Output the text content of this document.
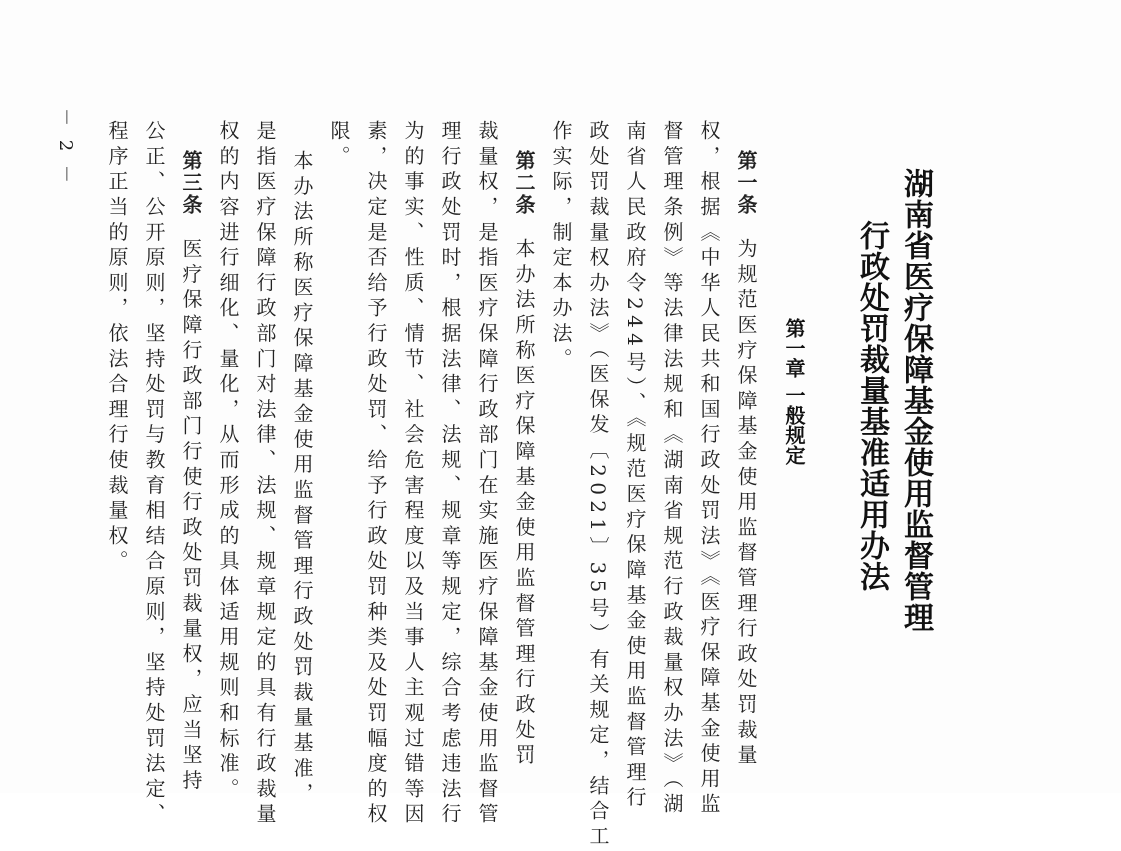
湖南省医疗保障基金使用监督管理
行政处罚裁量基准适用办法
第一章 一般规定
第一条为规范医疗保障基金使用监督管理行政处罚裁量
权，根据《中华人民共和国行政处罚法》《医疗保障基金使用监
督管理条例》等法律法规和《湖南省规范行政裁量权办法》（湖
南省人民政府令244号）、《规范医疗保障基金使用监督管理行
政处罚裁量权办法》（医保发〔2021〕35号）有关规定，结合工
作实际，制定本办法。
第二条本办法所称医疗保障基金使用监督管理行政处罚
裁量权，是指医疗保障行政部门在实施医疗保障基金使用监督管
理行政处罚时，根据法律、法规、规章等规定，综合考虑违法行
为的事实、性质、情节、社会危害程度以及当事人主观过错等因
素，决定是否给予行政处罚、给予行政处罚种类及处罚幅度的权
限。
本办法所称医疗保障基金使用监督管理行政处罚裁量基准，
是指医疗保障行政部门对法律、法规、规章规定的具有行政裁量
权的内容进行细化、量化，从而形成的具体适用规则和标准。
第三条医疗保障行政部门行使行政处罚裁量权，应当坚持
公正、公开原则，坚持处罚与教育相结合原则，坚持处罚法定、
程序正当的原则，依法合理行使裁量权。
－ 2 －
